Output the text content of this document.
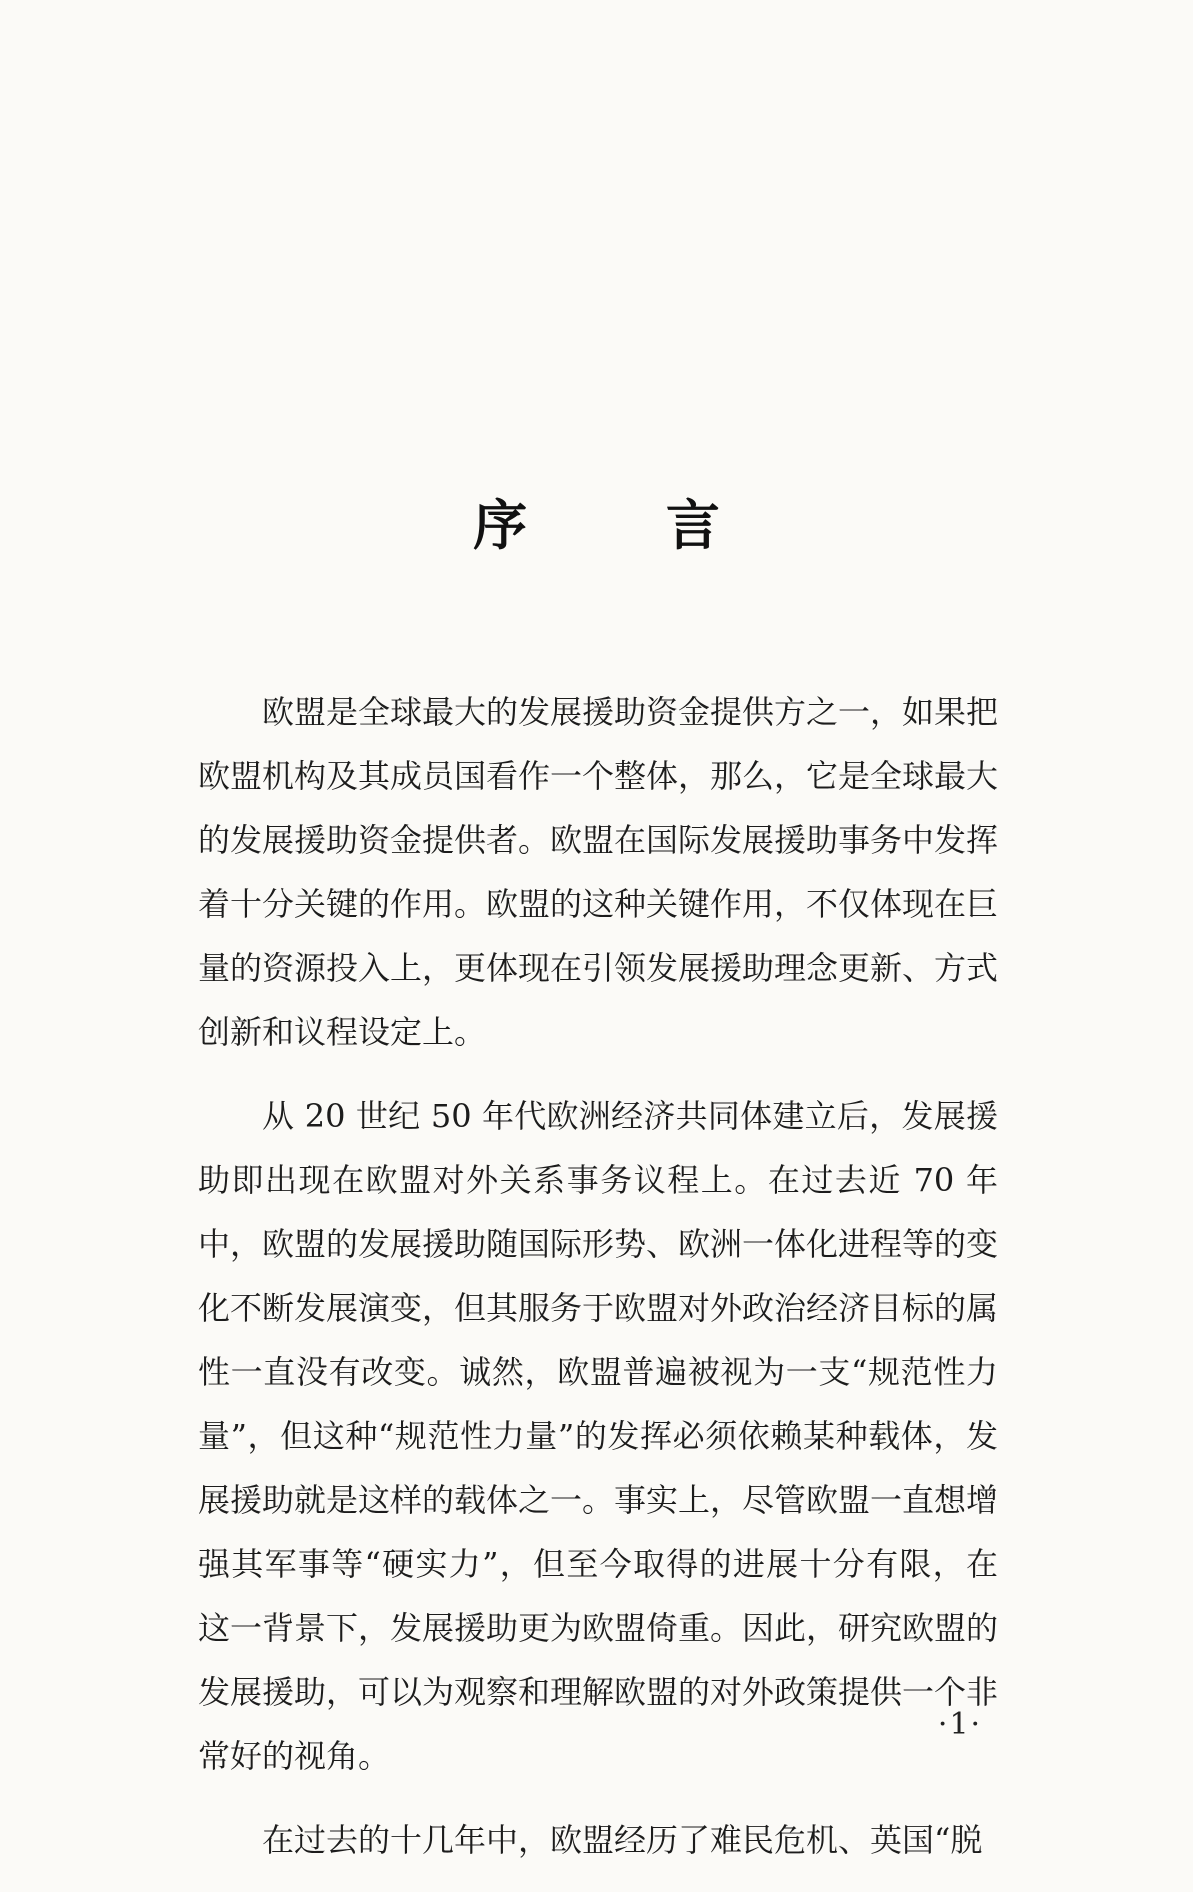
序 言

欧盟是全球最大的发展援助资金提供方之一，如果把欧盟机构及其成员国看作一个整体，那么，它是全球最大的发展援助资金提供者。欧盟在国际发展援助事务中发挥着十分关键的作用。欧盟的这种关键作用，不仅体现在巨量的资源投入上，更体现在引领发展援助理念更新、方式创新和议程设定上。

从 20 世纪 50 年代欧洲经济共同体建立后，发展援助即出现在欧盟对外关系事务议程上。在过去近 70 年中，欧盟的发展援助随国际形势、欧洲一体化进程等的变化不断发展演变，但其服务于欧盟对外政治经济目标的属性一直没有改变。诚然，欧盟普遍被视为一支“规范性力量”，但这种“规范性力量”的发挥必须依赖某种载体，发展援助就是这样的载体之一。事实上，尽管欧盟一直想增强其军事等“硬实力”，但至今取得的进展十分有限，在这一背景下，发展援助更为欧盟倚重。因此，研究欧盟的发展援助，可以为观察和理解欧盟的对外政策提供一个非常好的视角。

在过去的十几年中，欧盟经历了难民危机、英国“脱

·1·
